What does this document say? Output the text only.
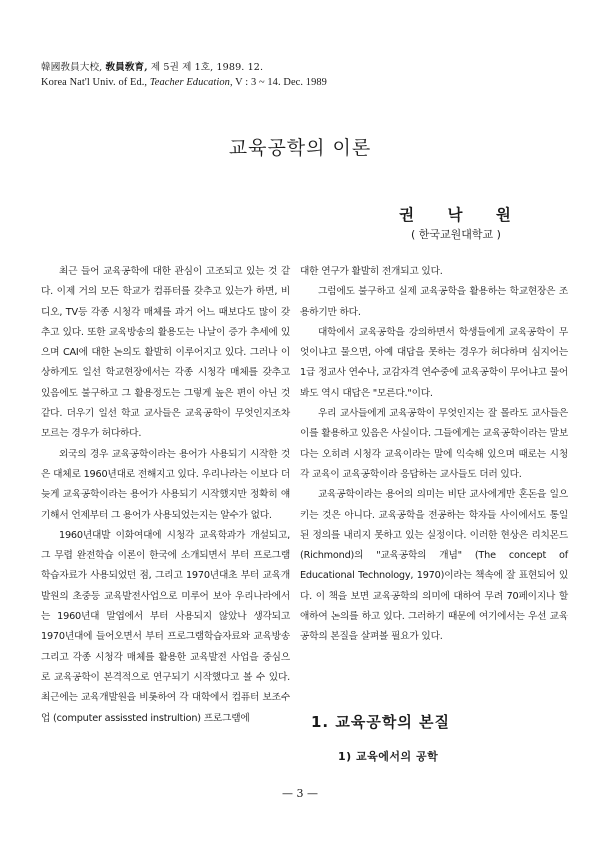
韓國敎員大校, 敎員敎育, 제 5권 제 1호, 1989. 12.
Korea Nat'l Univ. of Ed., Teacher Education, V : 3 ~ 14. Dec. 1989
교육공학의 이론
권 낙 원
( 한국교원대학교 )

최근 들어 교육공학에 대한 관심이 고조되고 있는 것 같다. 이제 거의 모든 학교가 컴퓨터를 갖추고 있는가 하면, 비디오, TV등 각종 시청각 매체를 과거 어느 때보다도 많이 갖추고 있다. 또한 교육방송의 활용도는 나날이 증가 추세에 있으며 CAI에 대한 논의도 활발히 이루어지고 있다. 그러나 이상하게도 일선 학교현장에서는 각종 시청각 매체를 갖추고 있음에도 불구하고 그 활용정도는 그렇게 높은 편이 아닌 것 같다. 더우기 일선 학교 교사들은 교육공학이 무엇인지조차 모르는 경우가 허다하다.

외국의 경우 교육공학이라는 용어가 사용되기 시작한 것은 대체로 1960년대로 전해지고 있다. 우리나라는 이보다 더 늦게 교육공학이라는 용어가 사용되기 시작했지만 정확히 얘기해서 언제부터 그 용어가 사용되었는지는 알수가 없다.

1960년대발 이화여대에 시청각 교육학과가 개설되고, 그 무렵 완전학습 이론이 한국에 소개되면서 부터 프로그램학습자료가 사용되었던 점, 그리고 1970년대초 부터 교육개발원의 초중등 교육발전사업으로 미루어 보아 우리나라에서는 1960년대 말엽에서 부터 사용되지 않았나 생각되고 1970년대에 들어오면서 부터 프로그램학습자료와 교육방송 그리고 각종 시청각 매체를 활용한 교육발전 사업을 중심으로 교육공학이 본격적으로 연구되기 시작했다고 볼 수 있다. 최근에는 교육개발원을 비롯하여 각 대학에서 컴퓨터 보조수업 (computer assissted instrultion) 프로그램에

대한 연구가 활발히 전개되고 있다.

그럼에도 불구하고 실제 교육공학을 활용하는 학교현장은 조용하기만 하다.

대학에서 교육공학을 강의하면서 학생들에게 교육공학이 무엇이냐고 물으면, 아예 대답을 못하는 경우가 허다하며 심지어는 1급 정교사 연수나, 교감자격 연수중에 교육공학이 무어냐고 물어봐도 역시 대답은 "모른다."이다.

우리 교사들에게 교육공학이 무엇인지는 잘 몰라도 교사들은 이를 활용하고 있음은 사실이다. 그들에게는 교육공학이라는 말보다는 오히려 시청각 교육이라는 말에 익숙해 있으며 때로는 시청각 교육이 교육공학이라 응답하는 교사들도 더러 있다.

교육공학이라는 용어의 의미는 비단 교사에게만 혼돈을 일으키는 것은 아니다. 교육공학을 전공하는 학자들 사이에서도 통일된 정의를 내리지 못하고 있는 실정이다. 이러한 현상은 리치몬드 (Richmond)의 "교육공학의 개념" (The concept of Educational Technology, 1970)이라는 책속에 잘 표현되어 있다. 이 책을 보면 교육공학의 의미에 대하여 무려 70페이지나 할애하여 논의를 하고 있다. 그러하기 때문에 여기에서는 우선 교육공학의 본질을 살펴볼 필요가 있다.

1. 교육공학의 본질
1) 교육에서의 공학
— 3 —
